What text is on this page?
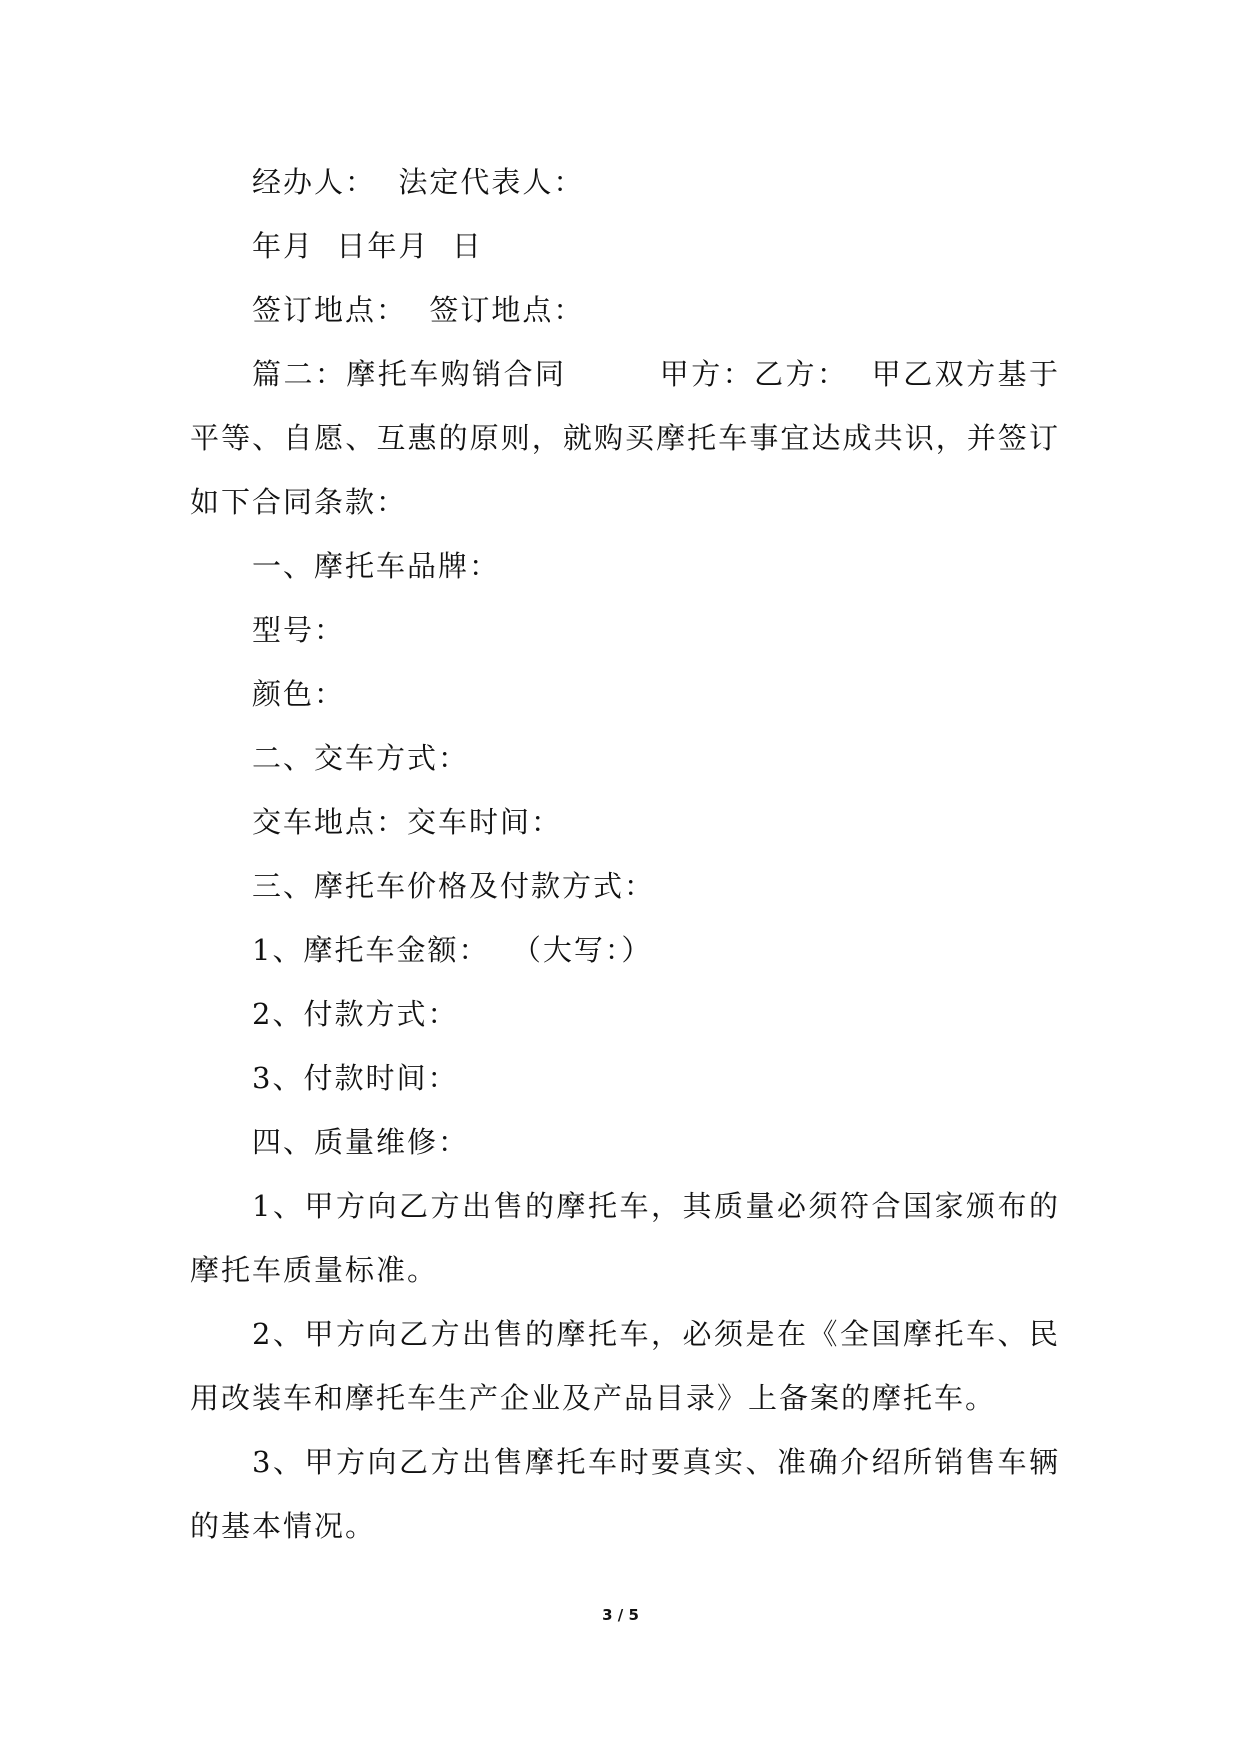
经办人：  法定代表人：

年月  日年月  日

签订地点：  签订地点：

篇二：摩托车购销合同        甲方：乙方：  甲乙双方基于平等、自愿、互惠的原则，就购买摩托车事宜达成共识，并签订如下合同条款：

一、摩托车品牌：

型号：

颜色：

二、交车方式：

交车地点：交车时间：

三、摩托车价格及付款方式：

1、摩托车金额：  （大写：）

2、付款方式：

3、付款时间：

四、质量维修：

1、甲方向乙方出售的摩托车，其质量必须符合国家颁布的摩托车质量标准。

2、甲方向乙方出售的摩托车，必须是在《全国摩托车、民用改装车和摩托车生产企业及产品目录》上备案的摩托车。

3、甲方向乙方出售摩托车时要真实、准确介绍所销售车辆的基本情况。

3 / 5
